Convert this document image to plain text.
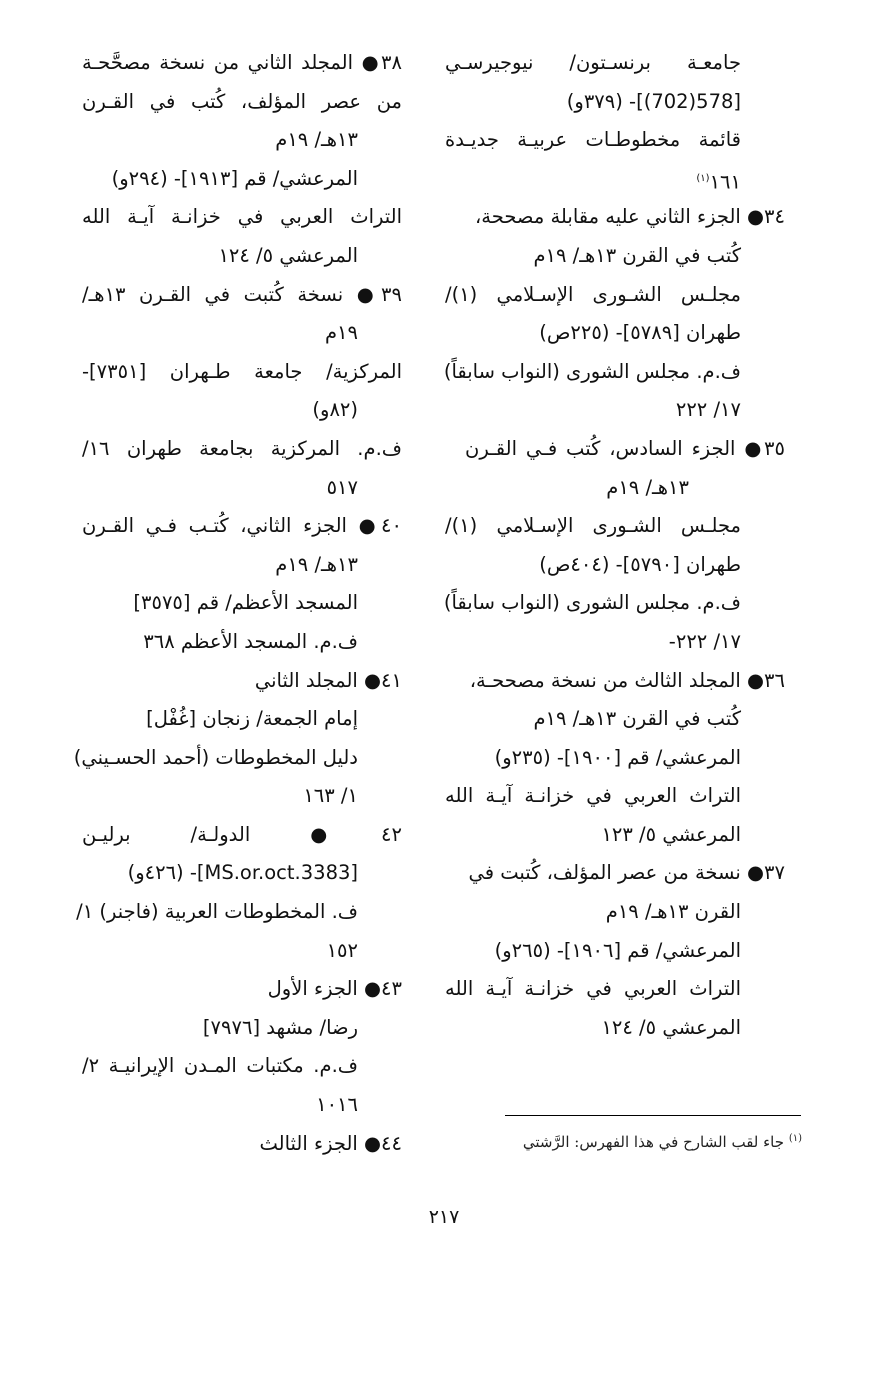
جامعـة برنسـتون/ نيوجيرسـي
[578(702)]- (٣٧٩و)
قائمة مخطوطـات عربيـة جديـدة
١٦١$^{(١)}$
٣٤● الجزء الثاني عليه مقابلة مصححة،
كُتب في القرن ١٣هـ/ ١٩م
مجلـس الشـورى الإسـلامي (١)/
طهران [٥٧٨٩]- (٢٢٥ص)
ف.م. مجلس الشورى (النواب سابقاً)
١٧/ ٢٢٢
٣٥● الجزء السادس، كُتب فـي القـرن
١٣هـ/ ١٩م
مجلـس الشـورى الإسـلامي (١)/
طهران [٥٧٩٠]- (٤٠٤ص)
ف.م. مجلس الشورى (النواب سابقاً)
١٧/ ٢٢٢-
٣٦● المجلد الثالث من نسخة مصححـة،
كُتب في القرن ١٣هـ/ ١٩م
المرعشي/ قم [١٩٠٠]- (٢٣٥و)
التراث العربي في خزانـة آيـة الله
المرعشي ٥/ ١٢٣
٣٧● نسخة من عصر المؤلف، كُتبت في
القرن ١٣هـ/ ١٩م
المرعشي/ قم [١٩٠٦]- (٢٦٥و)
التراث العربي في خزانـة آيـة الله
المرعشي ٥/ ١٢٤
٣٨● المجلد الثاني من نسخة مصحَّحـة
من عصر المؤلف، كُتب في القـرن
١٣هـ/ ١٩م
المرعشي/ قم [١٩١٣]- (٢٩٤و)
التراث العربي في خزانـة آيـة الله
المرعشي ٥/ ١٢٤
٣٩● نسخة كُتبت في القـرن ١٣هـ/
١٩م
المركزية/ جامعة طـهران [٧٣٥١]-
(٨٢و)
ف.م. المركزية بجامعة طهران ١٦/
٥١٧
٤٠● الجزء الثاني، كُتـب فـي القـرن
١٣هـ/ ١٩م
المسجد الأعظم/ قم [٣٥٧٥]
ف.م. المسجد الأعظم ٣٦٨
٤١● المجلد الثاني
إمام الجمعة/ زنجان [غُفْل]
دليل المخطوطات (أحمد الحسـيني)
١/ ١٦٣
٤٢● الدولـة/ برليـن
[MS.or.oct.3383]- (٤٢٦و)
ف. المخطوطات العربية (فاجنر) ١/
١٥٢
٤٣● الجزء الأول
رضا/ مشهد [٧٩٧٦]
ف.م. مكتبات المـدن الإيرانيـة ٢/
١٠١٦
٤٤● الجزء الثالث	$^{(١)}$ جاء لقب الشارح في هذا الفهرس: الرَّشتي
٢١٧
